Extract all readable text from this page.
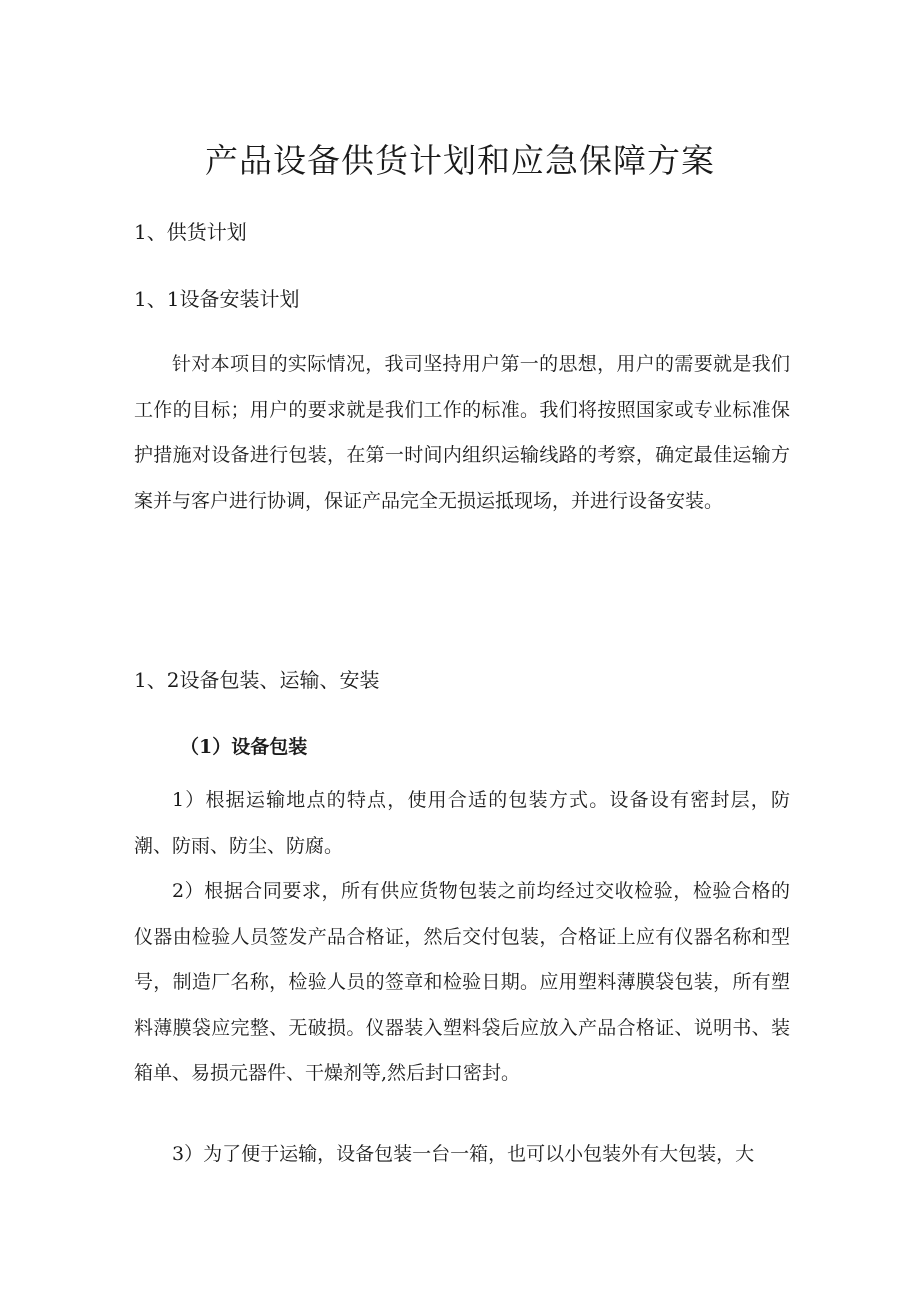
产品设备供货计划和应急保障方案
1、供货计划
1、1设备安装计划

针对本项目的实际情况，我司坚持用户第一的思想，用户的需要就是我们工作的目标；用户的要求就是我们工作的标准。我们将按照国家或专业标准保护措施对设备进行包装，在第一时间内组织运输线路的考察，确定最佳运输方案并与客户进行协调，保证产品完全无损运抵现场，并进行设备安装。

1、2设备包装、运输、安装
（1）设备包装

1）根据运输地点的特点，使用合适的包装方式。设备设有密封层，防潮、防雨、防尘、防腐。

2）根据合同要求，所有供应货物包装之前均经过交收检验，检验合格的仪器由检验人员签发产品合格证，然后交付包装，合格证上应有仪器名称和型号，制造厂名称，检验人员的签章和检验日期。应用塑料薄膜袋包装，所有塑料薄膜袋应完整、无破损。仪器装入塑料袋后应放入产品合格证、说明书、装箱单、易损元器件、干燥剂等,然后封口密封。

3）为了便于运输，设备包装一台一箱，也可以小包装外有大包装，大
